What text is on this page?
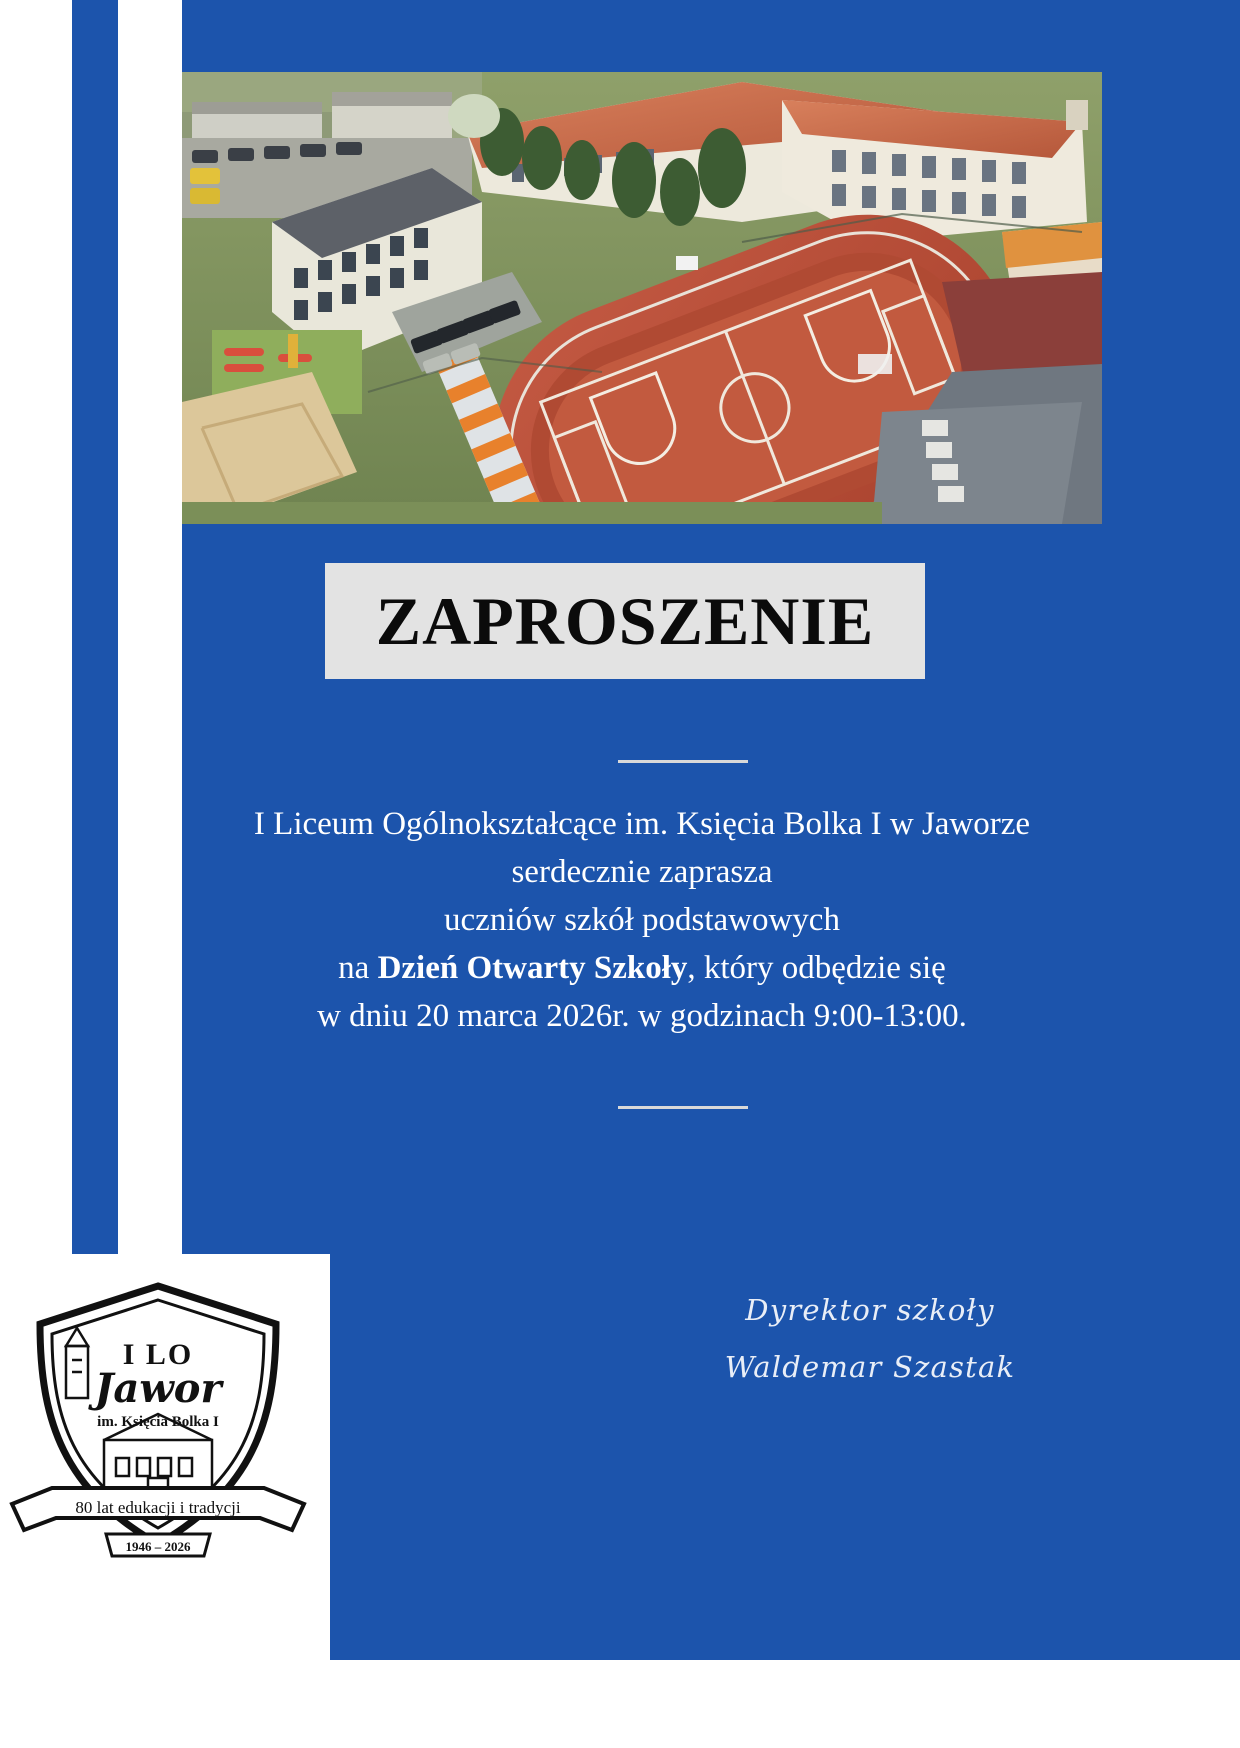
ZAPROSZENIE
I Liceum Ogólnokształcące im. Księcia Bolka I w Jaworze
serdecznie zaprasza
uczniów szkół podstawowych
na Dzień Otwarty Szkoły, który odbędzie się
w dniu 20 marca 2026r. w godzinach 9:00-13:00.
Dyrektor szkoły
Waldemar Szastak
I LO
Jawor
im. Księcia Bolka I
80 lat edukacji i tradycji
1946 – 2026
